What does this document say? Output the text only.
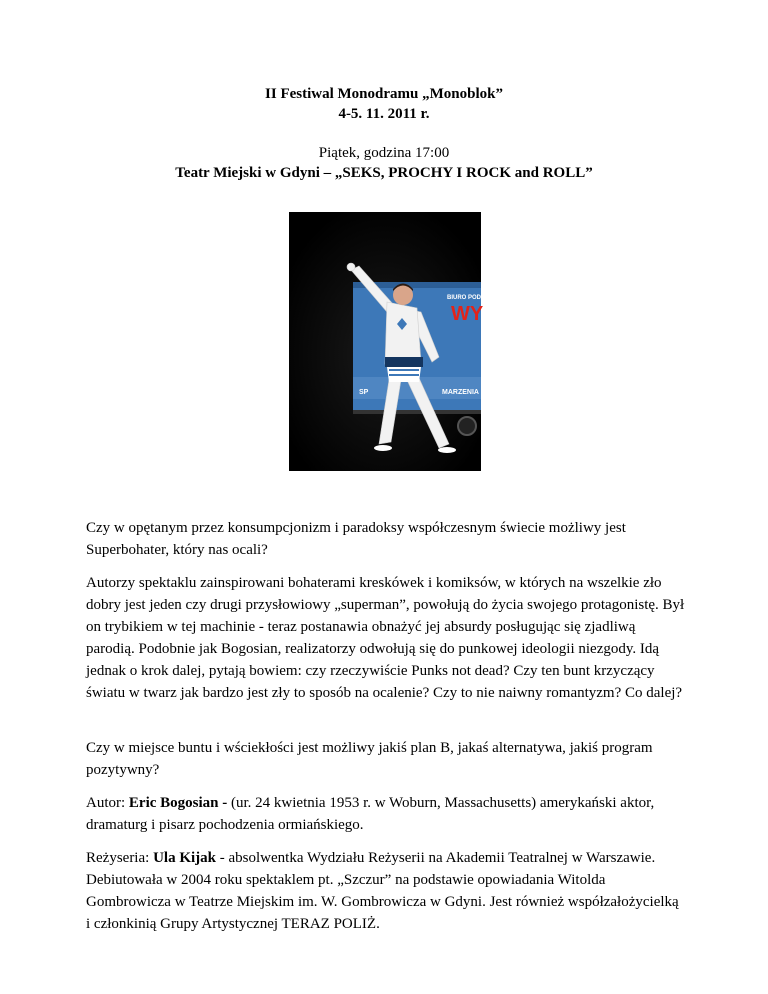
II Festiwal Monodramu „Monoblok”
4-5. 11. 2011 r.
Piątek, godzina 17:00
Teatr Miejski w Gdyni – „SEKS, PROCHY I ROCK and ROLL”
BIURO PODRO
WY
MARZENIA
SP

Czy w opętanym przez konsumpcjonizm i paradoksy współczesnym świecie możliwy jest Superbohater, który nas ocali?

Autorzy spektaklu zainspirowani bohaterami kreskówek i komiksów, w których na wszelkie zło dobry jest jeden czy drugi przysłowiowy „superman”, powołują do życia swojego protagonistę. Był on trybikiem w tej machinie - teraz postanawia obnażyć jej absurdy posługując się zjadliwą parodią. Podobnie jak Bogosian, realizatorzy odwołują się do punkowej ideologii niezgody. Idą jednak o krok dalej, pytają bowiem: czy rzeczywiście Punks not dead? Czy ten bunt krzyczący światu w twarz jak bardzo jest zły to sposób na ocalenie? Czy to nie naiwny romantyzm? Co dalej?

Czy w miejsce buntu i wściekłości jest możliwy jakiś plan B, jakaś alternatywa, jakiś program pozytywny?

Autor: Eric Bogosian - (ur. 24 kwietnia 1953 r. w Woburn, Massachusetts) amerykański aktor, dramaturg i pisarz pochodzenia ormiańskiego.

Reżyseria: Ula Kijak - absolwentka Wydziału Reżyserii na Akademii Teatralnej w Warszawie. Debiutowała w 2004 roku spektaklem pt. „Szczur” na podstawie opowiadania Witolda Gombrowicza w Teatrze Miejskim im. W. Gombrowicza w Gdyni. Jest również współzałożycielką i członkinią Grupy Artystycznej TERAZ POLIŻ.
